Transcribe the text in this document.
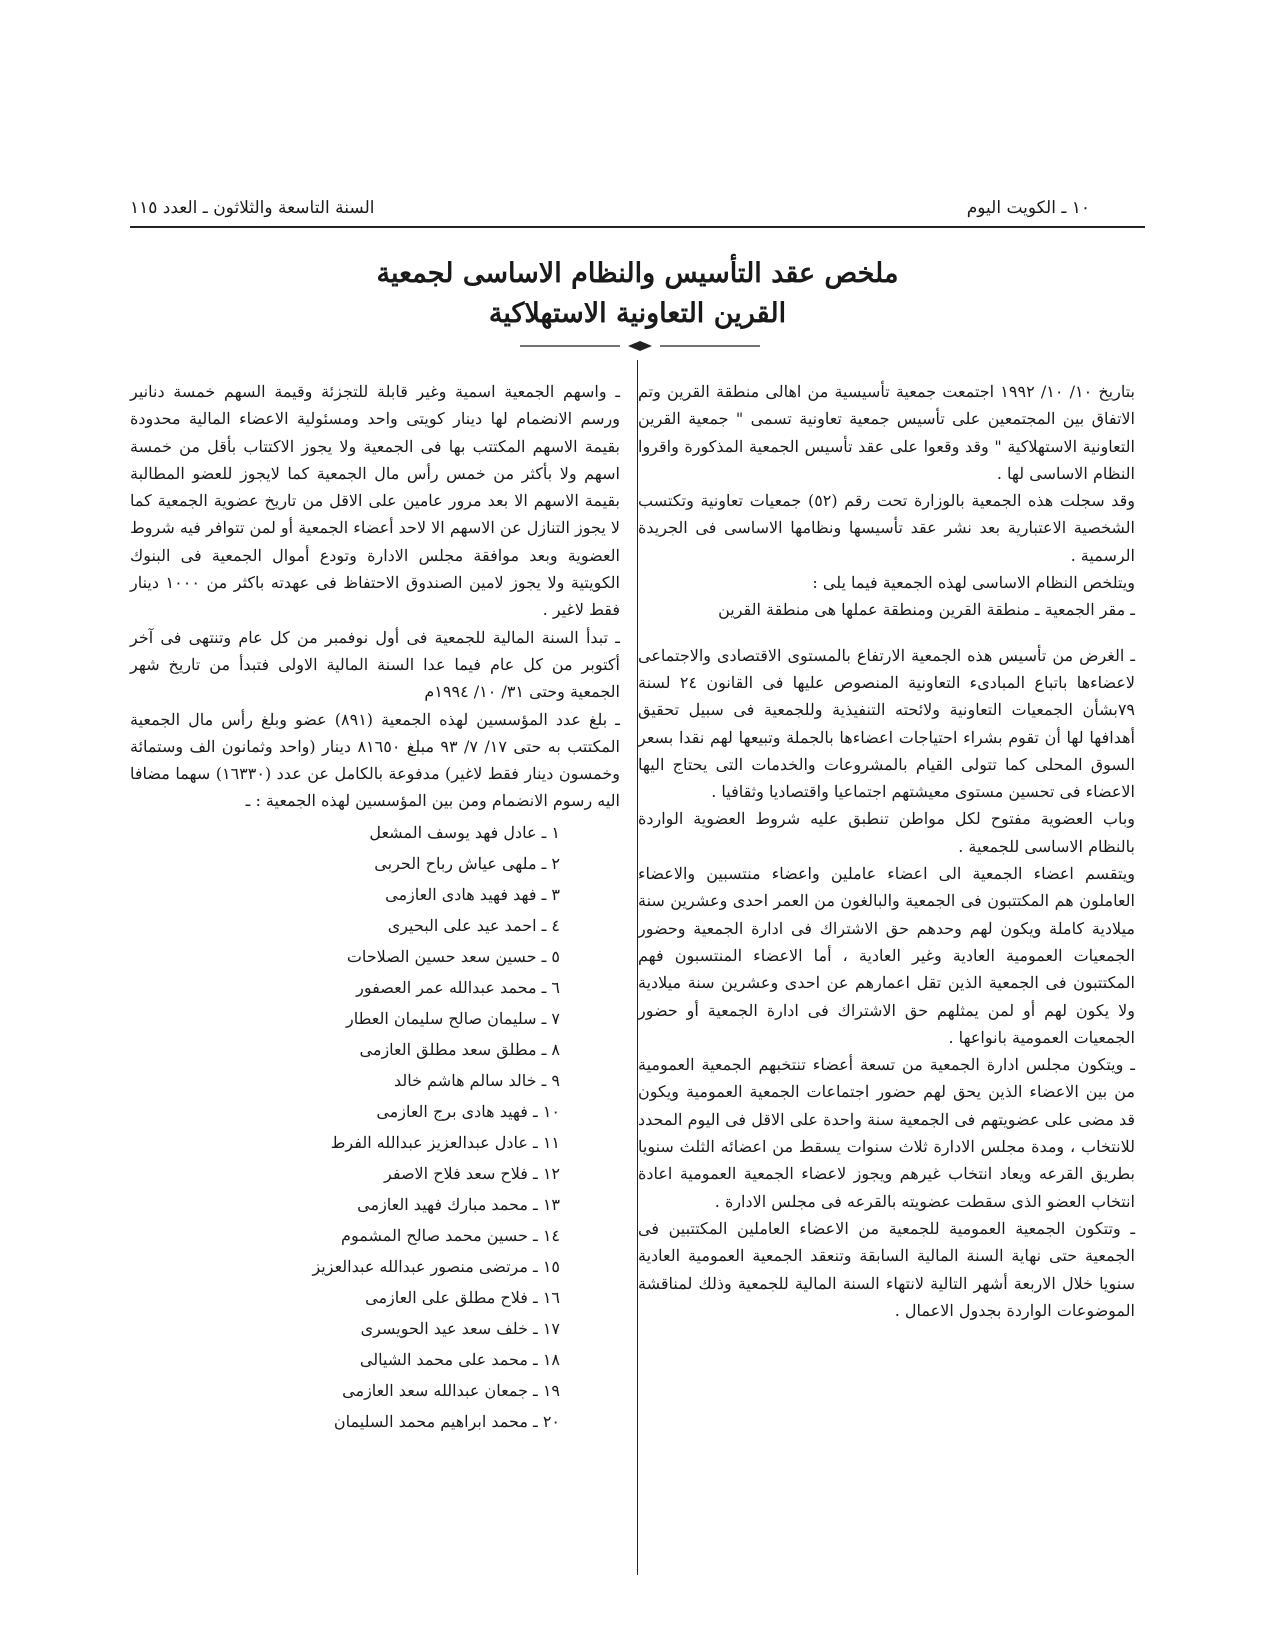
١٠ ـ الكويت اليوم
السنة التاسعة والثلاثون ـ العدد ١١٥
ملخص عقد التأسيس والنظام الاساسى لجمعية
القرين التعاونية الاستهلاكية

بتاريخ ١٠/ ١٠/ ١٩٩٢ اجتمعت جمعية تأسيسية من اهالى منطقة القرين وتم الاتفاق بين المجتمعين على تأسيس جمعية تعاونية تسمى " جمعية القرين التعاونية الاستهلاكية " وقد وقعوا على عقد تأسيس الجمعية المذكورة واقروا النظام الاساسى لها .

وقد سجلت هذه الجمعية بالوزارة تحت رقم (٥٢) جمعيات تعاونية وتكتسب الشخصية الاعتبارية بعد نشر عقد تأسيسها ونظامها الاساسى فى الجريدة الرسمية .

ويتلخص النظام الاساسى لهذه الجمعية فيما يلى :

ـ مقر الجمعية ـ منطقة القرين ومنطقة عملها هى منطقة القرين

ـ الغرض من تأسيس هذه الجمعية الارتفاع بالمستوى الاقتصادى والاجتماعى لاعضاءها باتباع المبادىء التعاونية المنصوص عليها فى القانون ٢٤ لسنة ٧٩بشأن الجمعيات التعاونية ولائحته التنفيذية وللجمعية فى سبيل تحقيق أهدافها لها أن تقوم بشراء احتياجات اعضاءها بالجملة وتبيعها لهم نقدا بسعر السوق المحلى كما تتولى القيام بالمشروعات والخدمات التى يحتاج اليها الاعضاء فى تحسين مستوى معيشتهم اجتماعيا واقتصاديا وثقافيا .

وباب العضوية مفتوح لكل مواطن تنطبق عليه شروط العضوية الواردة بالنظام الاساسى للجمعية .

ويتقسم اعضاء الجمعية الى اعضاء عاملين واعضاء منتسبين والاعضاء العاملون هم المكتتبون فى الجمعية والبالغون من العمر احدى وعشرين سنة ميلادية كاملة ويكون لهم وحدهم حق الاشتراك فى ادارة الجمعية وحضور الجمعيات العمومية العادية وغير العادية ، أما الاعضاء المنتسبون فهم المكتتبون فى الجمعية الذين تقل اعمارهم عن احدى وعشرين سنة ميلادية ولا يكون لهم أو لمن يمثلهم حق الاشتراك فى ادارة الجمعية أو حضور الجمعيات العمومية بانواعها .

ـ ويتكون مجلس ادارة الجمعية من تسعة أعضاء تنتخبهم الجمعية العمومية من بين الاعضاء الذين يحق لهم حضور اجتماعات الجمعية العمومية ويكون قد مضى على عضويتهم فى الجمعية سنة واحدة على الاقل فى اليوم المحدد للانتخاب ، ومدة مجلس الادارة ثلاث سنوات يسقط من اعضائه الثلث سنويا بطريق القرعه ويعاد انتخاب غيرهم ويجوز لاعضاء الجمعية العمومية اعادة انتخاب العضو الذى سقطت عضويته بالقرعه فى مجلس الادارة .

ـ وتتكون الجمعية العمومية للجمعية من الاعضاء العاملين المكتتبين فى الجمعية حتى نهاية السنة المالية السابقة وتنعقد الجمعية العمومية العادية سنويا خلال الاربعة أشهر التالية لانتهاء السنة المالية للجمعية وذلك لمناقشة الموضوعات الواردة بجدول الاعمال .

ـ واسهم الجمعية اسمية وغير قابلة للتجزئة وقيمة السهم خمسة دنانير ورسم الانضمام لها دينار كويتى واحد ومسئولية الاعضاء المالية محدودة بقيمة الاسهم المكتتب بها فى الجمعية ولا يجوز الاكتتاب بأقل من خمسة اسهم ولا بأكثر من خمس رأس مال الجمعية كما لايجوز للعضو المطالبة بقيمة الاسهم الا بعد مرور عامين على الاقل من تاريخ عضوية الجمعية كما لا يجوز التنازل عن الاسهم الا لاحد أعضاء الجمعية أو لمن تتوافر فيه شروط العضوية وبعد موافقة مجلس الادارة وتودع أموال الجمعية فى البنوك الكويتية ولا يجوز لامين الصندوق الاحتفاظ فى عهدته باكثر من ١٠٠٠ دينار فقط لاغير .

ـ تبدأ السنة المالية للجمعية فى أول نوفمبر من كل عام وتنتهى فى آخر أكتوبر من كل عام فيما عدا السنة المالية الاولى فتبدأ من تاريخ شهر الجمعية وحتى ٣١/ ١٠/ ١٩٩٤م

ـ بلغ عدد المؤسسين لهذه الجمعية (٨٩١) عضو وبلغ رأس مال الجمعية المكتتب به حتى ١٧/ ٧/ ٩٣ مبلغ ٨١٦٥٠ دينار (واحد وثمانون الف وستمائة وخمسون دينار فقط لاغير) مدفوعة بالكامل عن عدد (١٦٣٣٠) سهما مضافا اليه رسوم الانضمام ومن بين المؤسسين لهذه الجمعية : ـ

١ ـ عادل فهد يوسف المشعل
٢ ـ ملهى عياش رباح الحربى
٣ ـ فهد فهيد هادى العازمى
٤ ـ احمد عيد على البحيرى
٥ ـ حسين سعد حسين الصلاحات
٦ ـ محمد عبدالله عمر العصفور
٧ ـ سليمان صالح سليمان العطار
٨ ـ مطلق سعد مطلق العازمى
٩ ـ خالد سالم هاشم خالد
١٠ ـ فهيد هادى برج العازمى
١١ ـ عادل عبدالعزيز عبدالله الفرط
١٢ ـ فلاح سعد فلاح الاصفر
١٣ ـ محمد مبارك فهيد العازمى
١٤ ـ حسين محمد صالح المشموم
١٥ ـ مرتضى منصور عبدالله عبدالعزيز
١٦ ـ فلاح مطلق على العازمى
١٧ ـ خلف سعد عيد الحويسرى
١٨ ـ محمد على محمد الشيالى
١٩ ـ جمعان عبدالله سعد العازمى
٢٠ ـ محمد ابراهيم محمد السليمان
